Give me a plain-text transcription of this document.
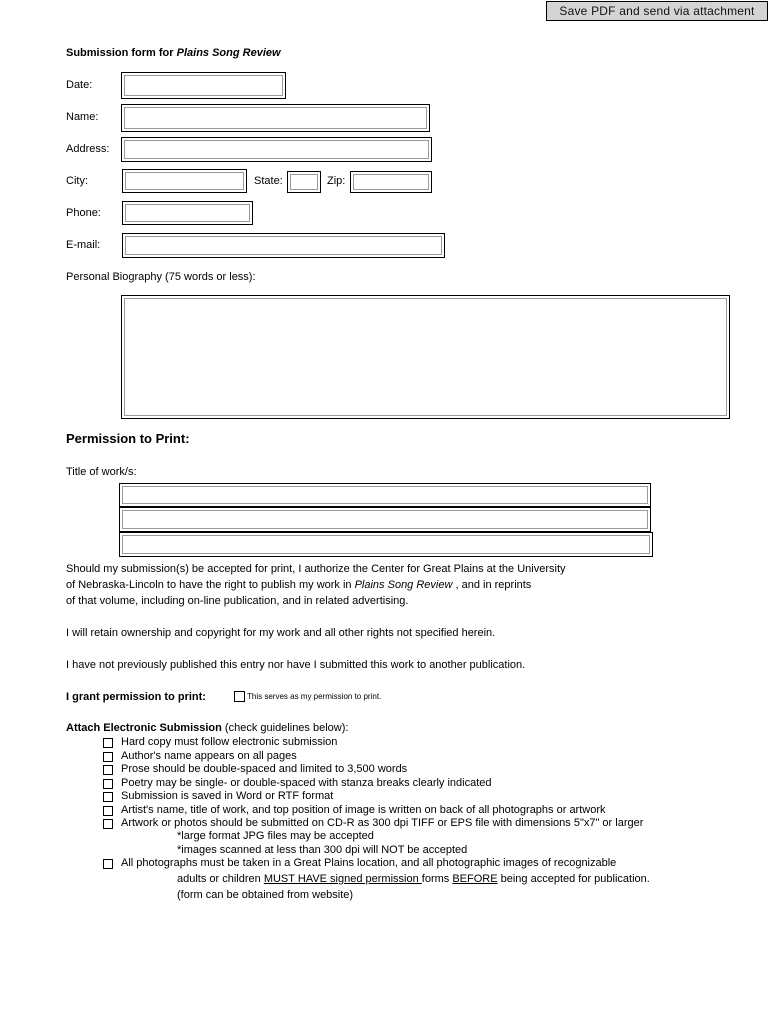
Save PDF and send via attachment
Submission form for Plains Song Review
Date:
Name:
Address:
City:	State:	Zip:
Phone:
E-mail:
Personal Biography (75 words or less):
Permission to Print:
Title of work/s:
Should my submission(s) be accepted for print, I authorize the Center for Great Plains at the University
of Nebraska-Lincoln to have the right to publish my work in Plains Song Review , and in reprints
of that volume, including on-line publication, and in related advertising.
I will retain ownership and copyright for my work and all other rights not specified herein.
I have not previously published this entry nor have I submitted this work to another publication.
I grant permission to print:	This serves as my permission to print.
Attach Electronic Submission (check guidelines below):
Hard copy must follow electronic submission
Author's name appears on all pages
Prose should be double-spaced and limited to 3,500 words
Poetry may be single- or double-spaced with stanza breaks clearly indicated
Submission is saved in Word or RTF format
Artist's name, title of work, and top position of image is written on back of all photographs or artwork
Artwork or photos should be submitted on CD-R as 300 dpi TIFF or EPS file with dimensions 5"x7" or larger
*large format JPG files may be accepted
*images scanned at less than 300 dpi will NOT be accepted
All photographs must be taken in a Great Plains location, and all photographic images of recognizable
adults or children MUST HAVE signed permission forms BEFORE being accepted for publication.
(form can be obtained from website)
